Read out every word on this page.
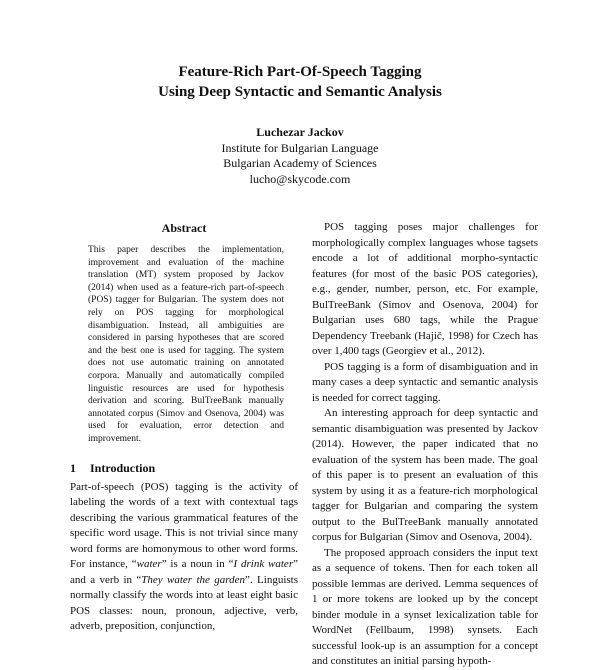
Feature-Rich Part-Of-Speech Tagging
Using Deep Syntactic and Semantic Analysis
Luchezar Jackov
Institute for Bulgarian Language
Bulgarian Academy of Sciences
lucho@skycode.com
Abstract

This paper describes the implementation, improvement and evaluation of the machine translation (MT) system proposed by Jackov (2014) when used as a feature-rich part-of-speech (POS) tagger for Bulgarian. The system does not rely on POS tagging for morphological disambiguation. Instead, all ambiguities are considered in parsing hypotheses that are scored and the best one is used for tagging. The system does not use automatic training on annotated corpora. Manually and automatically compiled linguistic resources are used for hypothesis derivation and scoring. BulTreeBank manually annotated corpus (Simov and Osenova, 2004) was used for evaluation, error detection and improvement.

1 Introduction

Part-of-speech (POS) tagging is the activity of labeling the words of a text with contextual tags describing the various grammatical features of the specific word usage. This is not trivial since many word forms are homonymous to other word forms. For instance, “water” is a noun in “I drink water” and a verb in “They water the garden”. Linguists normally classify the words into at least eight basic POS classes: noun, pronoun, adjective, verb, adverb, preposition, conjunction,

POS tagging poses major challenges for morphologically complex languages whose tagsets encode a lot of additional morpho-syntactic features (for most of the basic POS categories), e.g., gender, number, person, etc. For example, BulTreeBank (Simov and Osenova, 2004) for Bulgarian uses 680 tags, while the Prague Dependency Treebank (Hajič, 1998) for Czech has over 1,400 tags (Georgiev et al., 2012).

POS tagging is a form of disambiguation and in many cases a deep syntactic and semantic analysis is needed for correct tagging.

An interesting approach for deep syntactic and semantic disambiguation was presented by Jackov (2014). However, the paper indicated that no evaluation of the system has been made. The goal of this paper is to present an evaluation of this system by using it as a feature-rich morphological tagger for Bulgarian and comparing the system output to the BulTreeBank manually annotated corpus for Bulgarian (Simov and Osenova, 2004).

The proposed approach considers the input text as a sequence of tokens. Then for each token all possible lemmas are derived. Lemma sequences of 1 or more tokens are looked up by the concept binder module in a synset lexicalization table for WordNet (Fellbaum, 1998) synsets. Each successful look-up is an assumption for a concept and constitutes an initial parsing hypoth-
